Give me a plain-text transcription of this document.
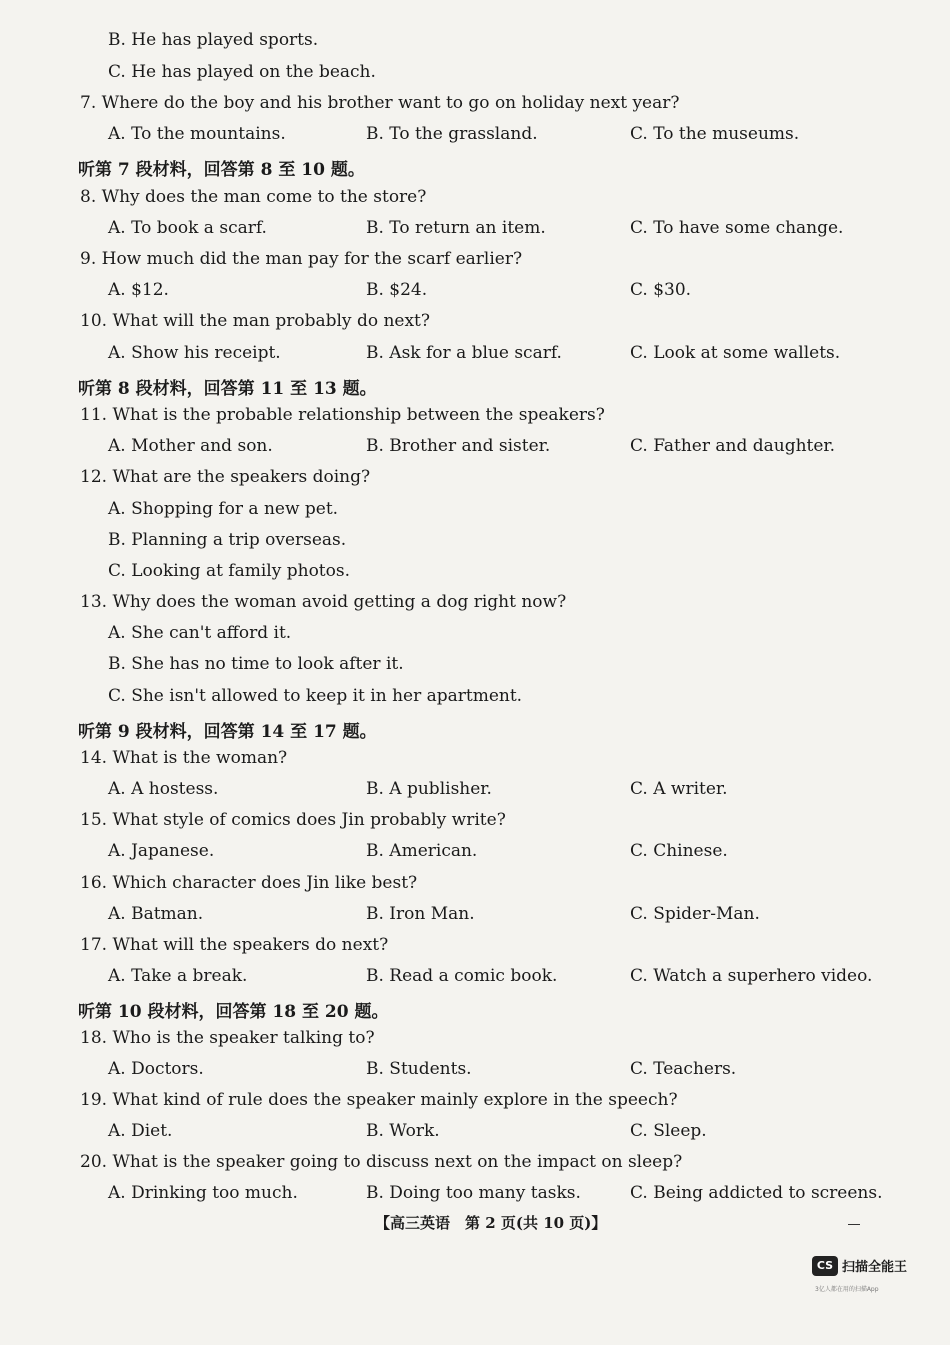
B. He has played sports.
C. He has played on the beach.
7. Where do the boy and his brother want to go on holiday next year?
A. To the mountains.	B. To the grassland.	C. To the museums.
听第 7 段材料，回答第 8 至 10 题。
8. Why does the man come to the store?
A. To book a scarf.	B. To return an item.	C. To have some change.
9. How much did the man pay for the scarf earlier?
A. $12.	B. $24.	C. $30.
10. What will the man probably do next?
A. Show his receipt.	B. Ask for a blue scarf.	C. Look at some wallets.
听第 8 段材料，回答第 11 至 13 题。
11. What is the probable relationship between the speakers?
A. Mother and son.	B. Brother and sister.	C. Father and daughter.
12. What are the speakers doing?
A. Shopping for a new pet.
B. Planning a trip overseas.
C. Looking at family photos.
13. Why does the woman avoid getting a dog right now?
A. She can't afford it.
B. She has no time to look after it.
C. She isn't allowed to keep it in her apartment.
听第 9 段材料，回答第 14 至 17 题。
14. What is the woman?
A. A hostess.	B. A publisher.	C. A writer.
15. What style of comics does Jin probably write?
A. Japanese.	B. American.	C. Chinese.
16. Which character does Jin like best?
A. Batman.	B. Iron Man.	C. Spider-Man.
17. What will the speakers do next?
A. Take a break.	B. Read a comic book.	C. Watch a superhero video.
听第 10 段材料，回答第 18 至 20 题。
18. Who is the speaker talking to?
A. Doctors.	B. Students.	C. Teachers.
19. What kind of rule does the speaker mainly explore in the speech?
A. Diet.	B. Work.	C. Sleep.
20. What is the speaker going to discuss next on the impact on sleep?
A. Drinking too much.	B. Doing too many tasks.	C. Being addicted to screens.
【高三英语　第 2 页(共 10 页)】
CS 扫描全能王
3亿人都在用的扫描App
